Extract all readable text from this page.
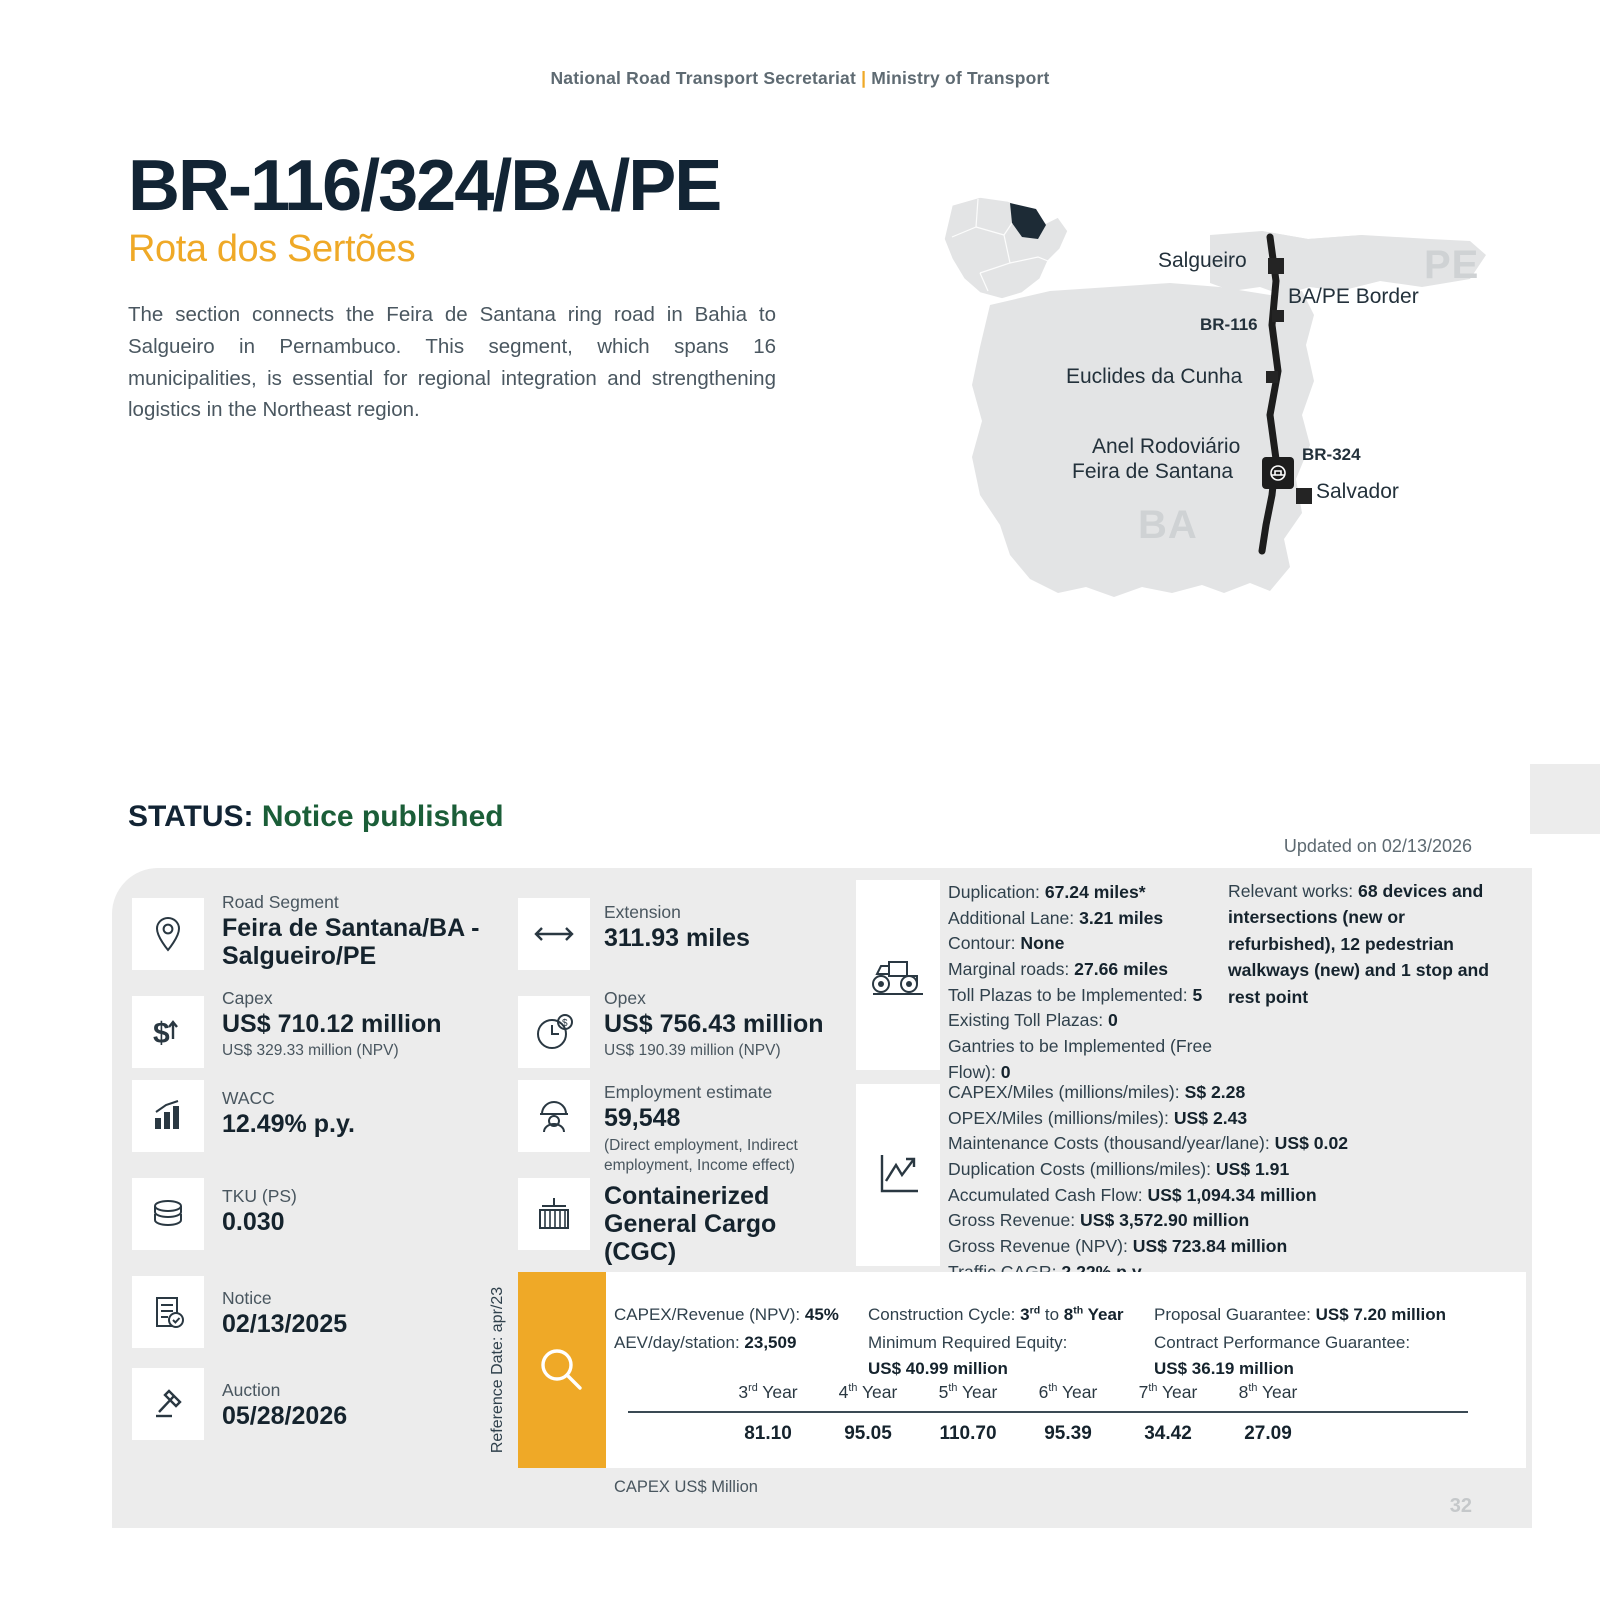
National Road Transport Secretariat | Ministry of Transport
BR-116/324/BA/PE
Rota dos Sertões
The section connects the Feira de Santana ring road in Bahia to Salgueiro in Pernambuco. This segment, which spans 16 municipalities, is essential for regional integration and strengthening logistics in the Northeast region.
Salgueiro
BA/PE Border
BR-116
Euclides da Cunha
Anel Rodoviário
Feira de Santana
BR-324
Salvador
PE
BA
STATUS: Notice published
Updated on 02/13/2026
Road Segment
Feira de Santana/BA - Salgueiro/PE
$
Capex
US$ 710.12 million
US$ 329.33 million (NPV)
WACC
12.49% p.y.
TKU (PS)
0.030
Notice
02/13/2025
Auction
05/28/2026
Extension
311.93 miles
$
Opex
US$ 756.43 million
US$ 190.39 million (NPV)
Employment estimate
59,548
(Direct employment, Indirect employment, Income effect)
Containerized General Cargo (CGC)
Duplication: 67.24 miles*
Additional Lane: 3.21 miles
Contour: None
Marginal roads: 27.66 miles
Toll Plazas to be Implemented: 5
Existing Toll Plazas: 0
Gantries to be Implemented (Free Flow): 0
Relevant works: 68 devices and intersections (new or refurbished), 12 pedestrian walkways (new) and 1 stop and rest point
CAPEX/Miles (millions/miles): S$ 2.28
OPEX/Miles (millions/miles): US$ 2.43
Maintenance Costs (thousand/year/lane): US$ 0.02
Duplication Costs (millions/miles): US$ 1.91
Accumulated Cash Flow: US$ 1,094.34 million
Gross Revenue: US$ 3,572.90 million
Gross Revenue (NPV): US$ 723.84 million
Reference Date: apr/23	CAPEX/Revenue (NPV): 45%
AEV/day/station: 23,509
Construction Cycle: 3rd to 8th Year
Minimum Required Equity:
US$ 40.99 million
Proposal Guarantee: US$ 7.20 million
Contract Performance Guarantee:
US$ 36.19 million
3rd Year	4th Year	5th Year	6th Year	7th Year	8th Year
81.10	95.05	110.70	95.39	34.42	27.09
CAPEX US$ Million
32
